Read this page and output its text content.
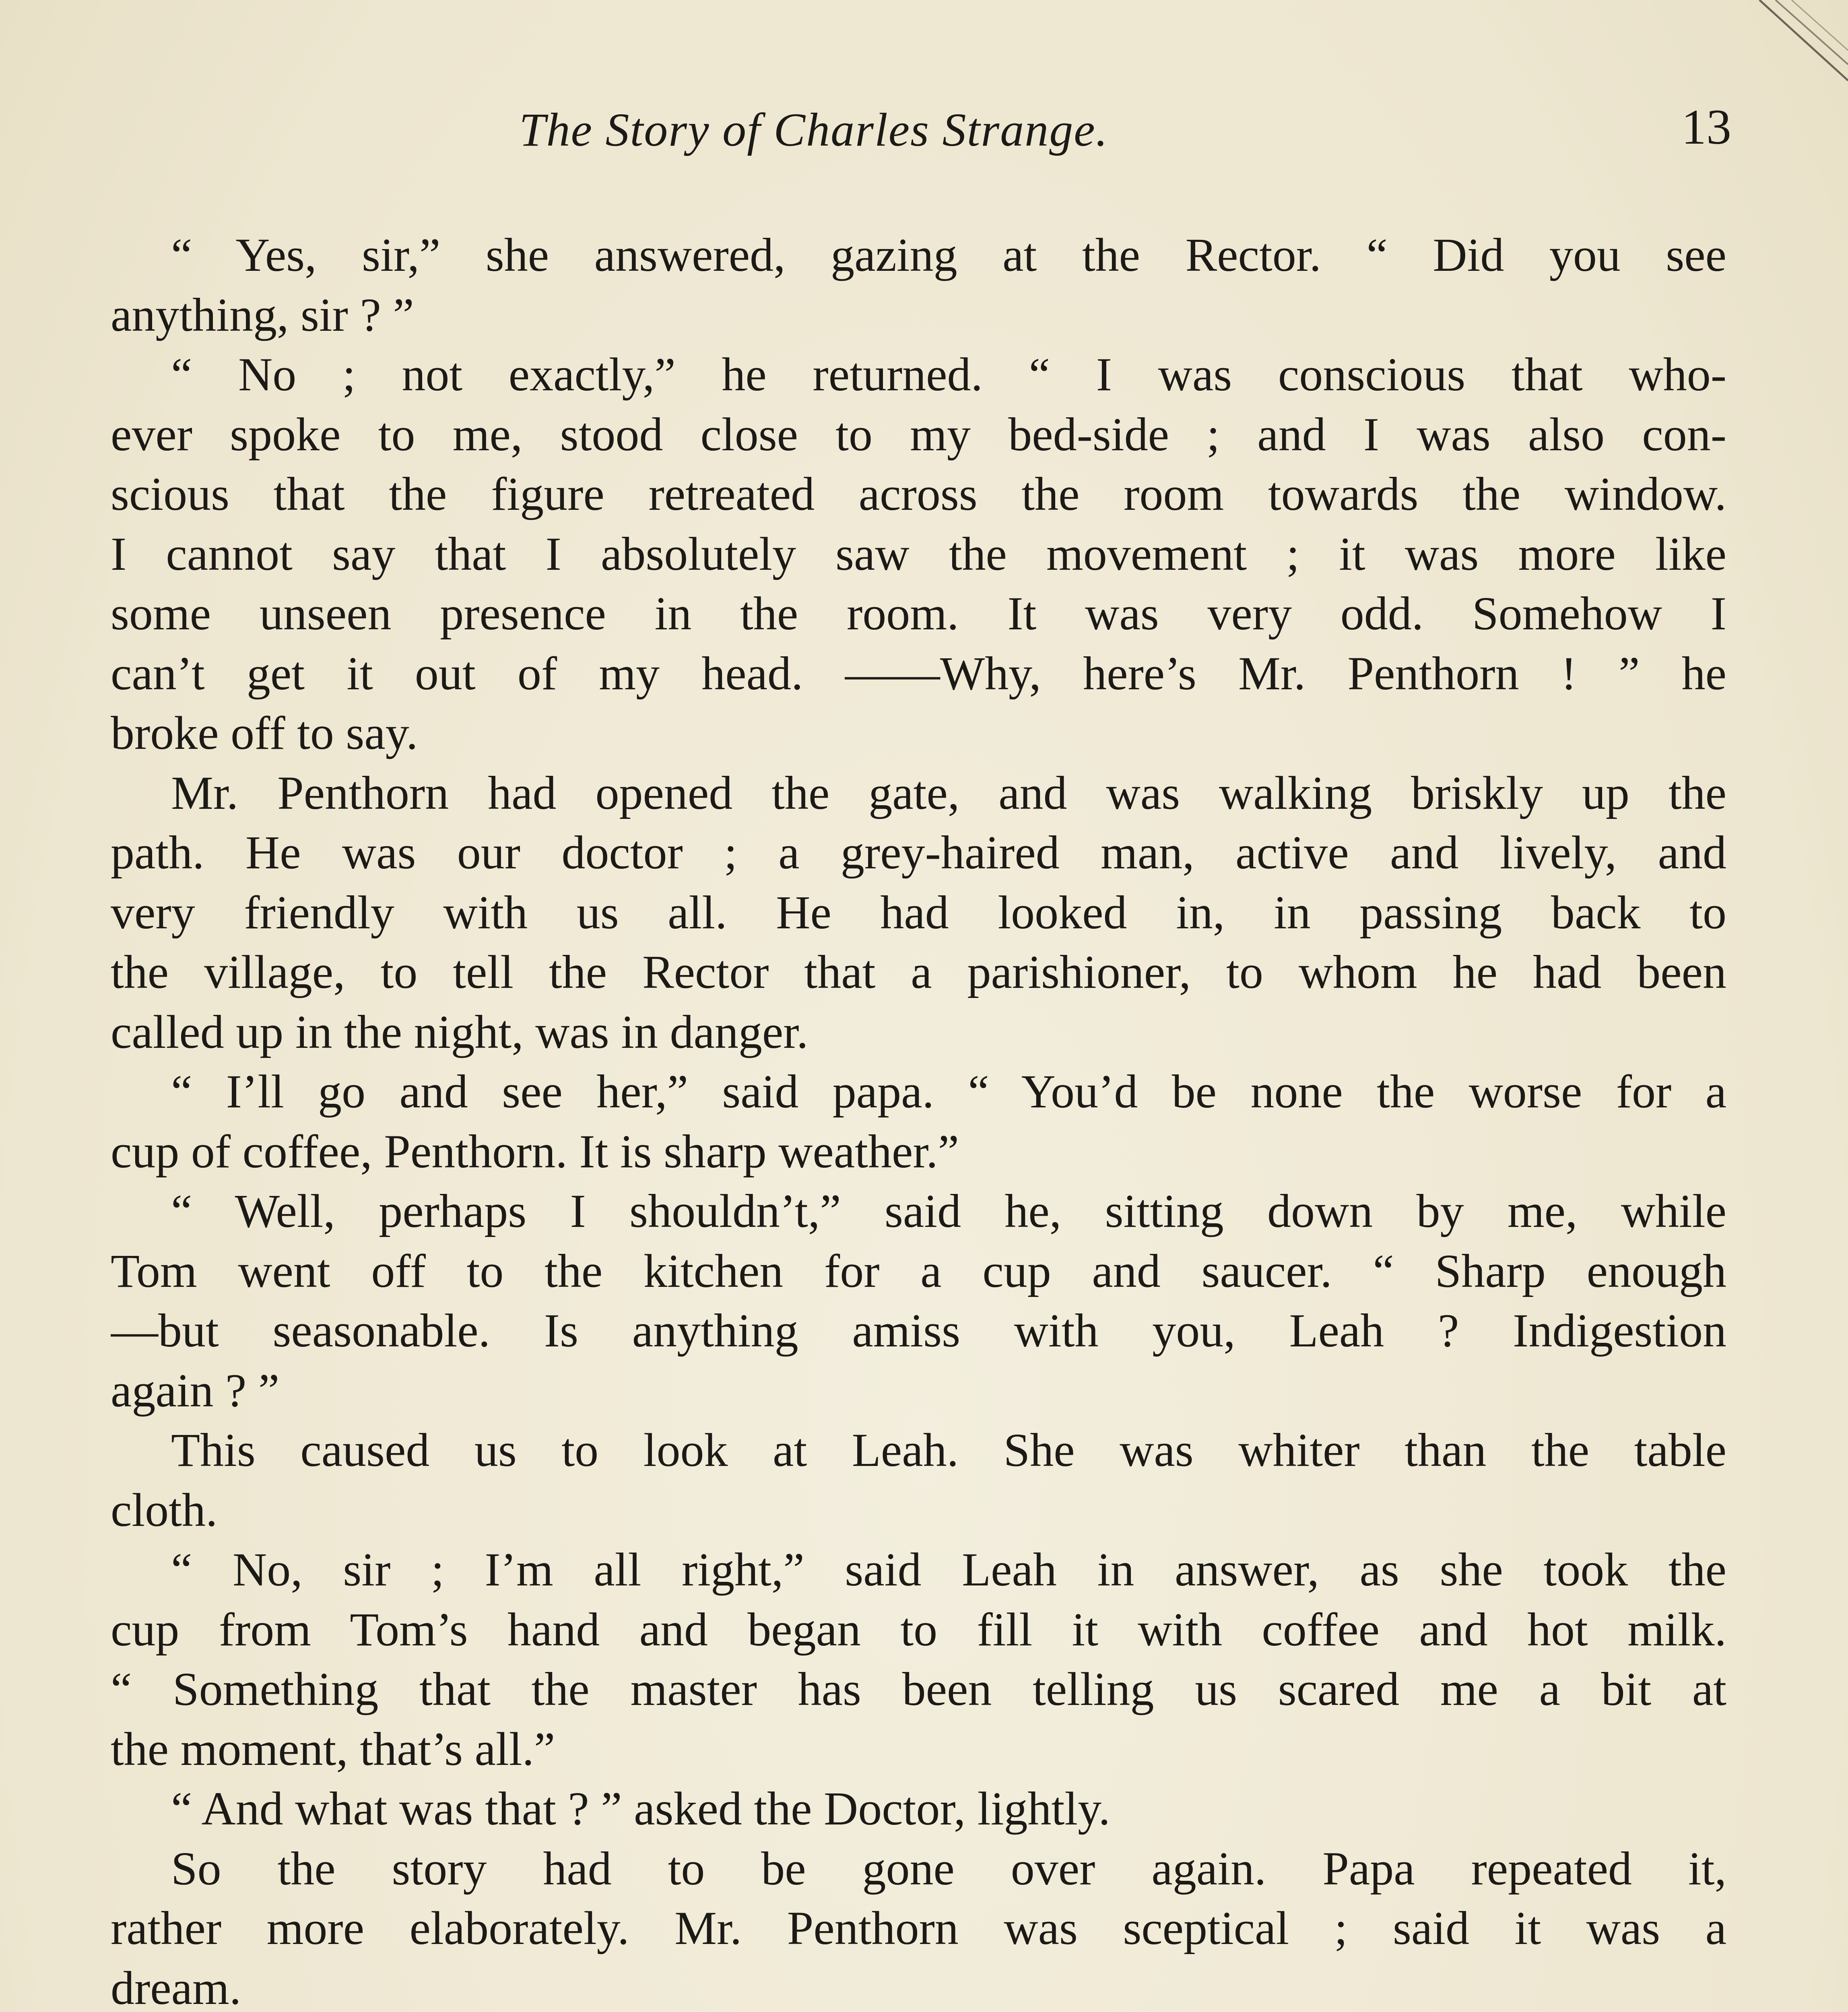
The Story of Charles Strange.	13
“ Yes, sir,” she answered, gazing at the Rector. “ Did you see
anything, sir ? ”
“ No ; not exactly,” he returned. “ I was conscious that who-
ever spoke to me, stood close to my bed-side ; and I was also con-
scious that the figure retreated across the room towards the window.
I cannot say that I absolutely saw the movement ; it was more like
some unseen presence in the room. It was very odd. Somehow I
can’t get it out of my head. ——Why, here’s Mr. Penthorn ! ” he
broke off to say.
Mr. Penthorn had opened the gate, and was walking briskly up the
path. He was our doctor ; a grey-haired man, active and lively, and
very friendly with us all. He had looked in, in passing back to
the village, to tell the Rector that a parishioner, to whom he had been
called up in the night, was in danger.
“ I’ll go and see her,” said papa. “ You’d be none the worse for a
cup of coffee, Penthorn. It is sharp weather.”
“ Well, perhaps I shouldn’t,” said he, sitting down by me, while
Tom went off to the kitchen for a cup and saucer. “ Sharp enough
—but seasonable. Is anything amiss with you, Leah ? Indigestion
again ? ”
This caused us to look at Leah. She was whiter than the table
cloth.
“ No, sir ; I’m all right,” said Leah in answer, as she took the
cup from Tom’s hand and began to fill it with coffee and hot milk.
“ Something that the master has been telling us scared me a bit at
the moment, that’s all.”
“ And what was that ? ” asked the Doctor, lightly.
So the story had to be gone over again. Papa repeated it,
rather more elaborately. Mr. Penthorn was sceptical ; said it was a
dream.
